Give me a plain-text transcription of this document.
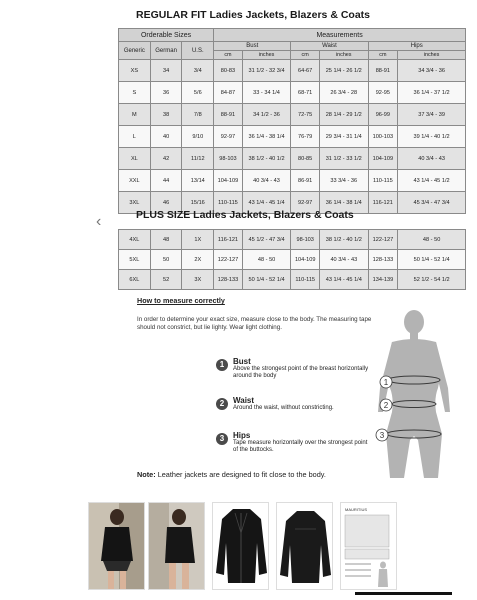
REGULAR FIT Ladies Jackets, Blazers & Coats
Orderable Sizes			Measurements					
Generic	German	U.S.	Bust		Waist		Hips	
			cm	inches	cm	inches	cm	inches
XS	34	3/4	80-83	31 1/2 - 32 3/4	64-67	25 1/4 - 26 1/2	88-91	34 3/4 - 36
S	36	5/6	84-87	33 - 34 1/4	68-71	26 3/4 - 28	92-95	36 1/4 - 37 1/2
M	38	7/8	88-91	34 1/2 - 36	72-75	28 1/4 - 29 1/2	96-99	37 3/4 - 39
L	40	9/10	92-97	36 1/4 - 38 1/4	76-79	29 3/4 - 31 1/4	100-103	39 1/4 - 40 1/2
XL	42	11/12	98-103	38 1/2 - 40 1/2	80-85	31 1/2 - 33 1/2	104-109	40 3/4 - 43
XXL	44	13/14	104-109	40 3/4 - 43	86-91	33 3/4 - 36	110-115	43 1/4 - 45 1/2
3XL	46	15/16	110-115	43 1/4 - 45 1/4	92-97	36 1/4 - 38 1/4	116-121	45 3/4 - 47 3/4
‹	PLUS SIZE Ladies Jackets, Blazers & Coats
4XL	48	1X	116-121	45 1/2 - 47 3/4	98-103	38 1/2 - 40 1/2	122-127	48 - 50
5XL	50	2X	122-127	48 - 50	104-109	40 3/4 - 43	128-133	50 1/4 - 52 1/4
6XL	52	3X	128-133	50 1/4 - 52 1/4	110-115	43 1/4 - 45 1/4	134-139	52 1/2 - 54 1/2
How to measure correctly
In order to determine your exact size, measure close to the body. The measuring tape should not constrict, but lie lighty. Wear light clothing.
1	Bust
Above the strongest point of the breast horizontally around the body
2	Waist
Around the waist, without constricting.
3	Hips
Tape measure horizontally over the strongest point of the buttocks.
Note: Leather jackets are designed to fit close to the body.
1
2
3
MAURITIUS
